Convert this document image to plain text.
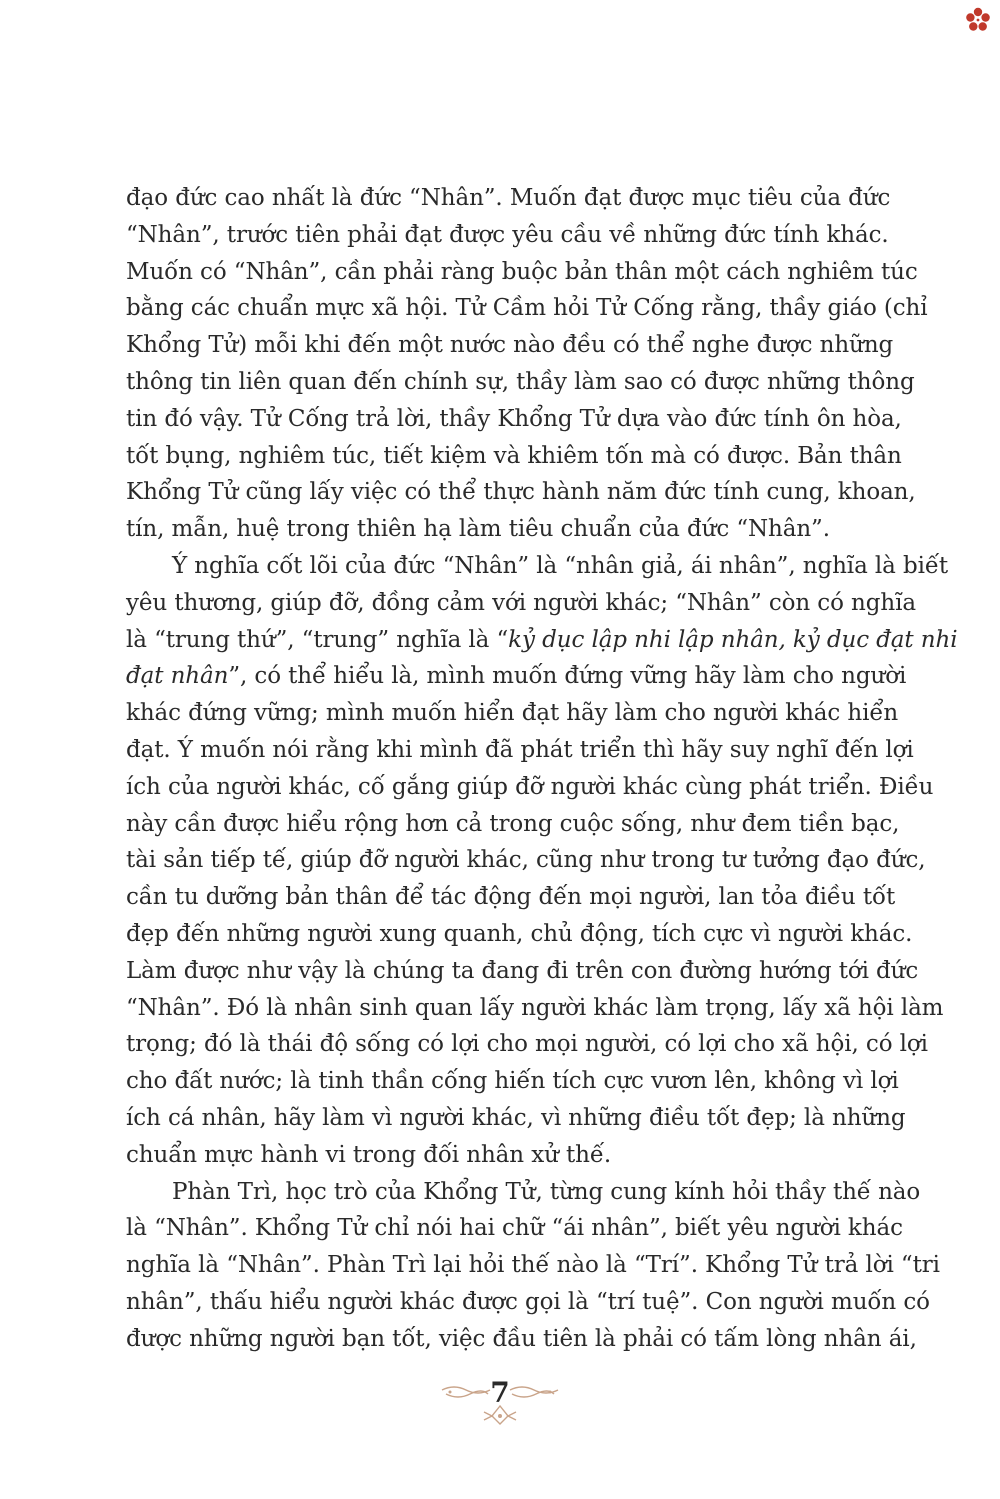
đạo đức cao nhất là đức “Nhân”. Muốn đạt được mục tiêu của đức
“Nhân”, trước tiên phải đạt được yêu cầu về những đức tính khác.
Muốn có “Nhân”, cần phải ràng buộc bản thân một cách nghiêm túc
bằng các chuẩn mực xã hội. Tử Cầm hỏi Tử Cống rằng, thầy giáo (chỉ
Khổng Tử) mỗi khi đến một nước nào đều có thể nghe được những
thông tin liên quan đến chính sự, thầy làm sao có được những thông
tin đó vậy. Tử Cống trả lời, thầy Khổng Tử dựa vào đức tính ôn hòa,
tốt bụng, nghiêm túc, tiết kiệm và khiêm tốn mà có được. Bản thân
Khổng Tử cũng lấy việc có thể thực hành năm đức tính cung, khoan,
tín, mẫn, huệ trong thiên hạ làm tiêu chuẩn của đức “Nhân”.
Ý nghĩa cốt lõi của đức “Nhân” là “nhân giả, ái nhân”, nghĩa là biết
yêu thương, giúp đỡ, đồng cảm với người khác; “Nhân” còn có nghĩa
là “trung thứ”, “trung” nghĩa là “kỷ dục lập nhi lập nhân, kỷ dục đạt nhi
đạt nhân”, có thể hiểu là, mình muốn đứng vững hãy làm cho người
khác đứng vững; mình muốn hiển đạt hãy làm cho người khác hiển
đạt. Ý muốn nói rằng khi mình đã phát triển thì hãy suy nghĩ đến lợi
ích của người khác, cố gắng giúp đỡ người khác cùng phát triển. Điều
này cần được hiểu rộng hơn cả trong cuộc sống, như đem tiền bạc,
tài sản tiếp tế, giúp đỡ người khác, cũng như trong tư tưởng đạo đức,
cần tu dưỡng bản thân để tác động đến mọi người, lan tỏa điều tốt
đẹp đến những người xung quanh, chủ động, tích cực vì người khác.
Làm được như vậy là chúng ta đang đi trên con đường hướng tới đức
“Nhân”. Đó là nhân sinh quan lấy người khác làm trọng, lấy xã hội làm
trọng; đó là thái độ sống có lợi cho mọi người, có lợi cho xã hội, có lợi
cho đất nước; là tinh thần cống hiến tích cực vươn lên, không vì lợi
ích cá nhân, hãy làm vì người khác, vì những điều tốt đẹp; là những
chuẩn mực hành vi trong đối nhân xử thế.
Phàn Trì, học trò của Khổng Tử, từng cung kính hỏi thầy thế nào
là “Nhân”. Khổng Tử chỉ nói hai chữ “ái nhân”, biết yêu người khác
nghĩa là “Nhân”. Phàn Trì lại hỏi thế nào là “Trí”. Khổng Tử trả lời “tri
nhân”, thấu hiểu người khác được gọi là “trí tuệ”. Con người muốn có
được những người bạn tốt, việc đầu tiên là phải có tấm lòng nhân ái,
7
